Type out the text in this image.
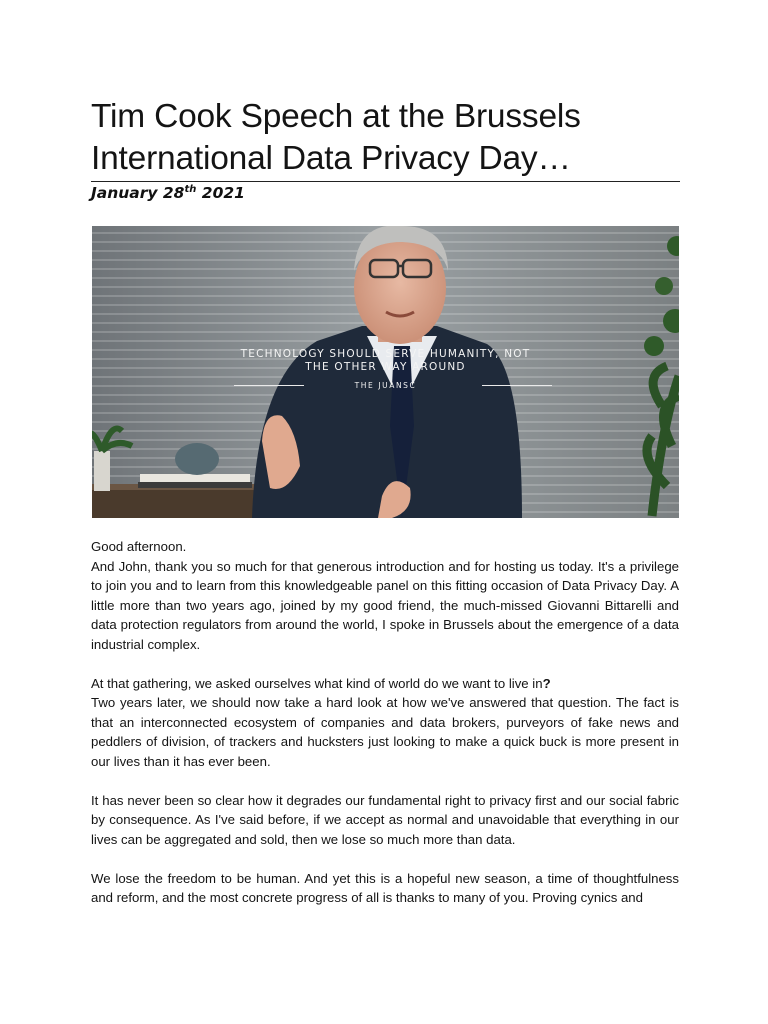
Tim Cook Speech at the Brussels International Data Privacy Day…
January 28th 2021
TECHNOLOGY SHOULD SERVE HUMANITY, NOT
THE OTHER WAY AROUND
THE JUANSC

Good afternoon.

And John, thank you so much for that generous introduction and for hosting us today. It's a privilege to join you and to learn from this knowledgeable panel on this fitting occasion of Data Privacy Day. A little more than two years ago, joined by my good friend, the much-missed Giovanni Bittarelli and data protection regulators from around the world, I spoke in Brussels about the emergence of a data industrial complex.

At that gathering, we asked ourselves what kind of world do we want to live in?

Two years later, we should now take a hard look at how we've answered that question. The fact is that an interconnected ecosystem of companies and data brokers, purveyors of fake news and peddlers of division, of trackers and hucksters just looking to make a quick buck is more present in our lives than it has ever been.

It has never been so clear how it degrades our fundamental right to privacy first and our social fabric by consequence. As I've said before, if we accept as normal and unavoidable that everything in our lives can be aggregated and sold, then we lose so much more than data.

We lose the freedom to be human. And yet this is a hopeful new season, a time of thoughtfulness and reform, and the most concrete progress of all is thanks to many of you. Proving cynics and
